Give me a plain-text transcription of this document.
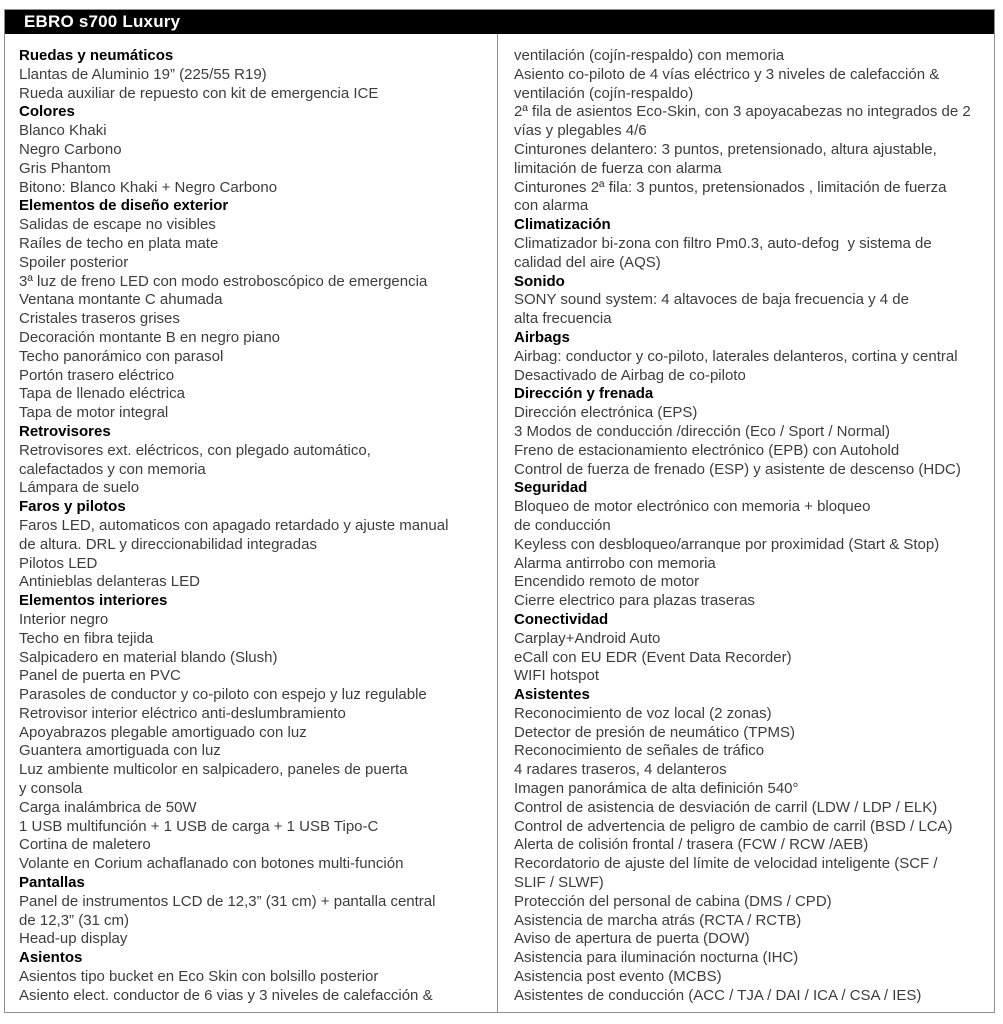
EBRO s700 Luxury
Ruedas y neumáticos
Llantas de Aluminio 19” (225/55 R19)
Rueda auxiliar de repuesto con kit de emergencia ICE
Colores
Blanco Khaki
Negro Carbono
Gris Phantom
Bitono: Blanco Khaki + Negro Carbono
Elementos de diseño exterior
Salidas de escape no visibles
Raíles de techo en plata mate
Spoiler posterior
3ª luz de freno LED con modo estroboscópico de emergencia
Ventana montante C ahumada
Cristales traseros grises
Decoración montante B en negro piano
Techo panorámico con parasol
Portón trasero eléctrico
Tapa de llenado eléctrica
Tapa de motor integral
Retrovisores
Retrovisores ext. eléctricos, con plegado automático,
calefactados y con memoria
Lámpara de suelo
Faros y pilotos
Faros LED, automaticos con apagado retardado y ajuste manual
de altura. DRL y direccionabilidad integradas
Pilotos LED
Antinieblas delanteras LED
Elementos interiores
Interior negro
Techo en fibra tejida
Salpicadero en material blando (Slush)
Panel de puerta en PVC
Parasoles de conductor y co-piloto con espejo y luz regulable
Retrovisor interior eléctrico anti-deslumbramiento
Apoyabrazos plegable amortiguado con luz
Guantera amortiguada con luz
Luz ambiente multicolor en salpicadero, paneles de puerta
y consola
Carga inalámbrica de 50W
1 USB multifunción + 1 USB de carga + 1 USB Tipo-C
Cortina de maletero
Volante en Corium achaflanado con botones multi-función
Pantallas
Panel de instrumentos LCD de 12,3” (31 cm) + pantalla central
de 12,3” (31 cm)
Head-up display
Asientos
Asientos tipo bucket en Eco Skin con bolsillo posterior
Asiento elect. conductor de 6 vias y 3 niveles de calefacción &
ventilación (cojín-respaldo) con memoria
Asiento co-piloto de 4 vías eléctrico y 3 niveles de calefacción &
ventilación (cojín-respaldo)
2ª fila de asientos Eco-Skin, con 3 apoyacabezas no integrados de 2
vías y plegables 4/6
Cinturones delantero: 3 puntos, pretensionado, altura ajustable,
limitación de fuerza con alarma
Cinturones 2ª fila: 3 puntos, pretensionados , limitación de fuerza
con alarma
Climatización
Climatizador bi-zona con filtro Pm0.3, auto-defog  y sistema de
calidad del aire (AQS)
Sonido
SONY sound system: 4 altavoces de baja frecuencia y 4 de
alta frecuencia
Airbags
Airbag: conductor y co-piloto, laterales delanteros, cortina y central
Desactivado de Airbag de co-piloto
Dirección y frenada
Dirección electrónica (EPS)
3 Modos de conducción /dirección (Eco / Sport / Normal)
Freno de estacionamiento electrónico (EPB) con Autohold
Control de fuerza de frenado (ESP) y asistente de descenso (HDC)
Seguridad
Bloqueo de motor electrónico con memoria + bloqueo
de conducción
Keyless con desbloqueo/arranque por proximidad (Start & Stop)
Alarma antirrobo con memoria
Encendido remoto de motor
Cierre electrico para plazas traseras
Conectividad
Carplay+Android Auto
eCall con EU EDR (Event Data Recorder)
WIFI hotspot
Asistentes
Reconocimiento de voz local (2 zonas)
Detector de presión de neumático (TPMS)
Reconocimiento de señales de tráfico
4 radares traseros, 4 delanteros
Imagen panorámica de alta definición 540°
Control de asistencia de desviación de carril (LDW / LDP / ELK)
Control de advertencia de peligro de cambio de carril (BSD / LCA)
Alerta de colisión frontal / trasera (FCW / RCW /AEB)
Recordatorio de ajuste del límite de velocidad inteligente (SCF /
SLIF / SLWF)
Protección del personal de cabina (DMS / CPD)
Asistencia de marcha atrás (RCTA / RCTB)
Aviso de apertura de puerta (DOW)
Asistencia para iluminación nocturna (IHC)
Asistencia post evento (MCBS)
Asistentes de conducción (ACC / TJA / DAI / ICA / CSA / IES)
